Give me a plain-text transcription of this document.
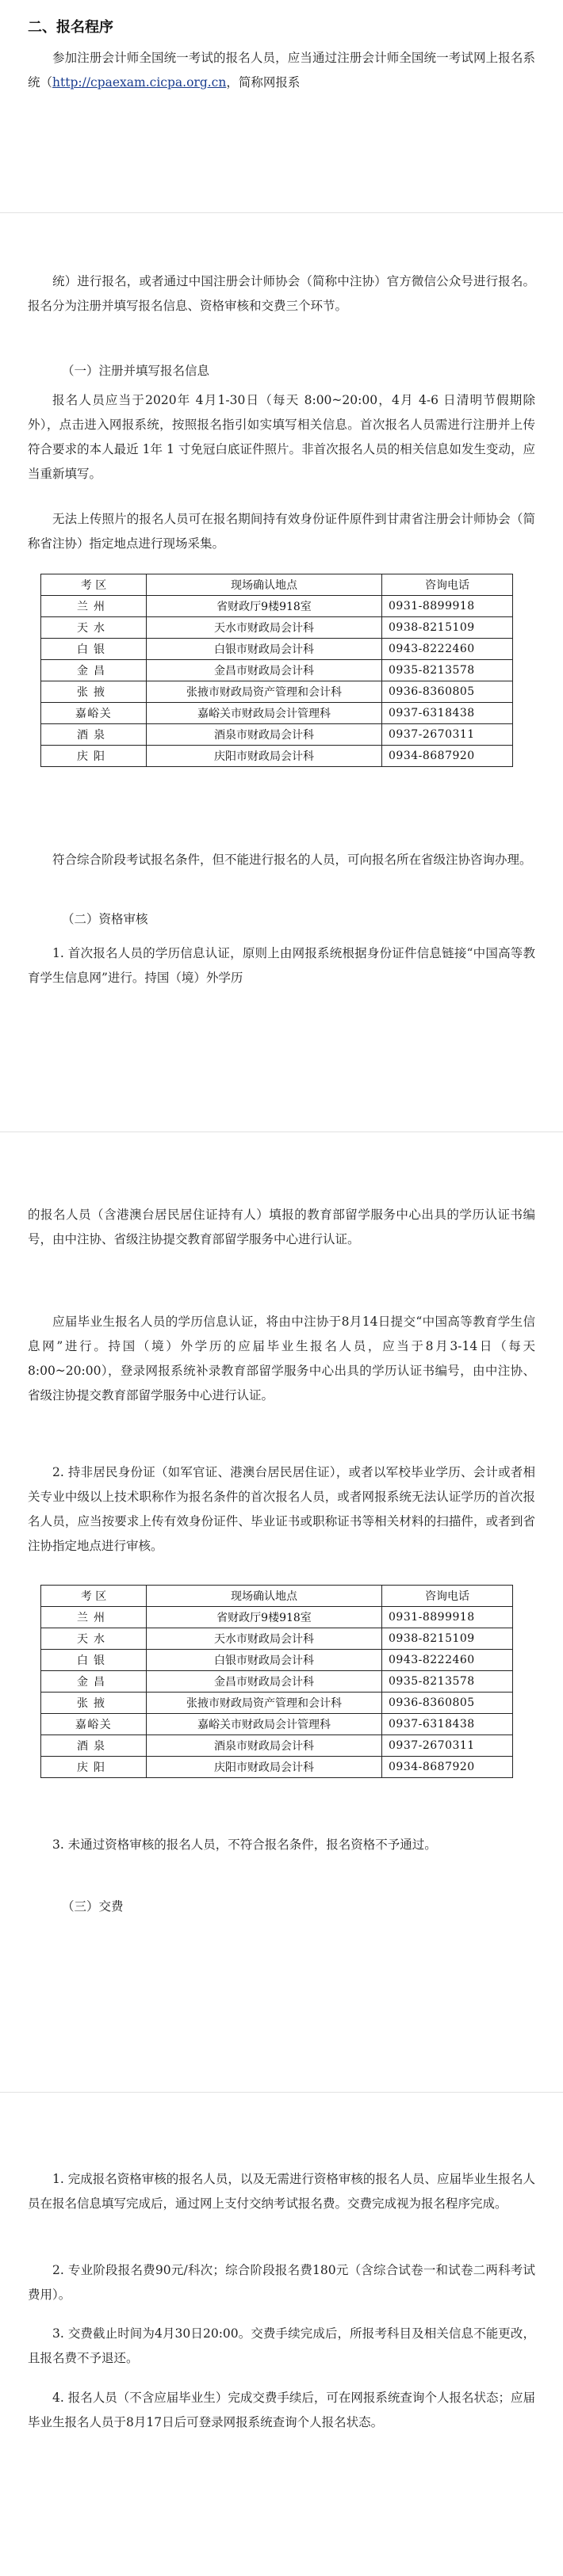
二、报名程序
参加注册会计师全国统一考试的报名人员，应当通过注册会计师全国统一考试网上报名系统（http://cpaexam.cicpa.org.cn，简称网报系
统）进行报名，或者通过中国注册会计师协会（简称中注协）官方微信公众号进行报名。报名分为注册并填写报名信息、资格审核和交费三个环节。
（一）注册并填写报名信息
报名人员应当于2020年 4月1-30日（每天 8:00~20:00，4月 4-6 日清明节假期除外），点击进入网报系统，按照报名指引如实填写相关信息。首次报名人员需进行注册并上传符合要求的本人最近 1年 1 寸免冠白底证件照片。非首次报名人员的相关信息如发生变动，应当重新填写。
无法上传照片的报名人员可在报名期间持有效身份证件原件到甘肃省注册会计师协会（简称省注协）指定地点进行现场采集。
考 区	现场确认地点	咨询电话
兰州	省财政厅9楼918室	0931-8899918
天水	天水市财政局会计科	0938-8215109
白银	白银市财政局会计科	0943-8222460
金昌	金昌市财政局会计科	0935-8213578
张掖	张掖市财政局资产管理和会计科	0936-8360805
嘉峪关	嘉峪关市财政局会计管理科	0937-6318438
酒泉	酒泉市财政局会计科	0937-2670311
庆阳	庆阳市财政局会计科	0934-8687920
符合综合阶段考试报名条件，但不能进行报名的人员，可向报名所在省级注协咨询办理。
（二）资格审核
1. 首次报名人员的学历信息认证，原则上由网报系统根据身份证件信息链接“中国高等教育学生信息网”进行。持国（境）外学历
的报名人员（含港澳台居民居住证持有人）填报的教育部留学服务中心出具的学历认证书编号，由中注协、省级注协提交教育部留学服务中心进行认证。
应届毕业生报名人员的学历信息认证，将由中注协于8月14日提交“中国高等教育学生信息网”进行。持国（境）外学历的应届毕业生报名人员，应当于8月3-14日（每天 8:00~20:00），登录网报系统补录教育部留学服务中心出具的学历认证书编号，由中注协、省级注协提交教育部留学服务中心进行认证。
2. 持非居民身份证（如军官证、港澳台居民居住证），或者以军校毕业学历、会计或者相关专业中级以上技术职称作为报名条件的首次报名人员，或者网报系统无法认证学历的首次报名人员，应当按要求上传有效身份证件、毕业证书或职称证书等相关材料的扫描件，或者到省注协指定地点进行审核。
考 区	现场确认地点	咨询电话
兰州	省财政厅9楼918室	0931-8899918
天水	天水市财政局会计科	0938-8215109
白银	白银市财政局会计科	0943-8222460
金昌	金昌市财政局会计科	0935-8213578
张掖	张掖市财政局资产管理和会计科	0936-8360805
嘉峪关	嘉峪关市财政局会计管理科	0937-6318438
酒泉	酒泉市财政局会计科	0937-2670311
庆阳	庆阳市财政局会计科	0934-8687920
3. 未通过资格审核的报名人员，不符合报名条件，报名资格不予通过。
（三）交费
1. 完成报名资格审核的报名人员，以及无需进行资格审核的报名人员、应届毕业生报名人员在报名信息填写完成后，通过网上支付交纳考试报名费。交费完成视为报名程序完成。
2. 专业阶段报名费90元/科次；综合阶段报名费180元（含综合试卷一和试卷二两科考试费用）。
3. 交费截止时间为4月30日20:00。交费手续完成后，所报考科目及相关信息不能更改，且报名费不予退还。
4. 报名人员（不含应届毕业生）完成交费手续后，可在网报系统查询个人报名状态；应届毕业生报名人员于8月17日后可登录网报系统查询个人报名状态。
